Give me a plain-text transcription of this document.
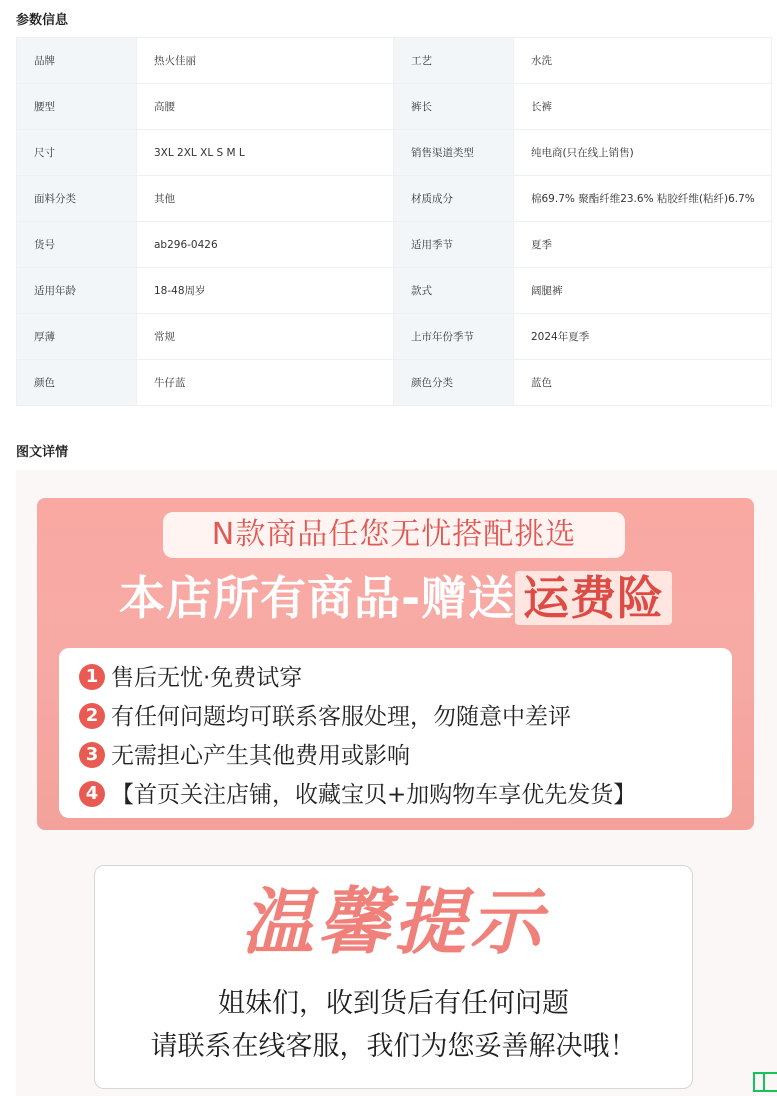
参数信息
品牌	热火佳丽	工艺	水洗
腰型	高腰	裤长	长裤
尺寸	3XL 2XL XL S M L	销售渠道类型	纯电商(只在线上销售)
面料分类	其他	材质成分	棉69.7% 聚酯纤维23.6% 粘胶纤维(粘纤)6.7%
货号	ab296-0426	适用季节	夏季
适用年龄	18-48周岁	款式	阔腿裤
厚薄	常规	上市年份季节	2024年夏季
颜色	牛仔蓝	颜色分类	蓝色
图文详情
N款商品任您无忧搭配挑选
本店所有商品-赠送 运费险
1 售后无忧·免费试穿
2 有任何问题均可联系客服处理，勿随意中差评
3 无需担心产生其他费用或影响
4 【首页关注店铺，收藏宝贝+加购物车享优先发货】
温馨提示
姐妹们，收到货后有任何问题
请联系在线客服，我们为您妥善解决哦！
